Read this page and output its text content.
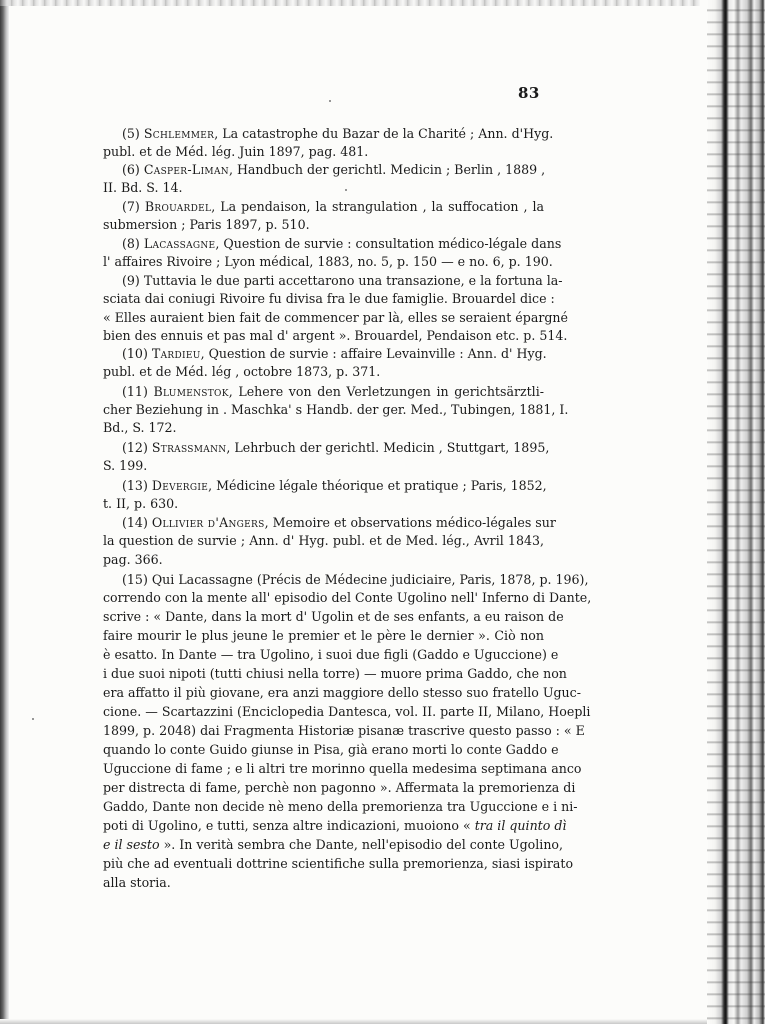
83
(5) Schlemmer, La catastrophe du Bazar de la Charité ; Ann. d'Hyg.
publ. et de Méd. lég. Juin 1897, pag. 481.
(6) Casper-Liman, Handbuch der gerichtl. Medicin ; Berlin , 1889 ,
II. Bd. S. 14.
(7) Brouardel, La pendaison, la strangulation , la suffocation , la
submersion ; Paris 1897, p. 510.
(8) Lacassagne, Question de survie : consultation médico-légale dans
l' affaires Rivoire ; Lyon médical, 1883, no. 5, p. 150 — e no. 6, p. 190.
(9) Tuttavia le due parti accettarono una transazione, e la fortuna la-
sciata dai coniugi Rivoire fu divisa fra le due famiglie. Brouardel dice :
« Elles auraient bien fait de commencer par là, elles se seraient épargné
bien des ennuis et pas mal d' argent ». Brouardel, Pendaison etc. p. 514.
(10) Tardieu, Question de survie : affaire Levainville : Ann. d' Hyg.
publ. et de Méd. lég , octobre 1873, p. 371.
(11) Blumenstok, Lehere von den Verletzungen in gerichtsärztli-
cher Beziehung in . Maschka' s Handb. der ger. Med., Tubingen, 1881, I.
Bd., S. 172.
(12) Strassmann, Lehrbuch der gerichtl. Medicin , Stuttgart, 1895,
S. 199.
(13) Devergie, Médicine légale théorique et pratique ; Paris, 1852,
t. II, p. 630.
(14) Ollivier d'Angers, Memoire et observations médico-légales sur
la question de survie ; Ann. d' Hyg. publ. et de Med. lég., Avril 1843,
pag. 366.
(15) Qui Lacassagne (Précis de Médecine judiciaire, Paris, 1878, p. 196),
correndo con la mente all' episodio del Conte Ugolino nell' Inferno di Dante,
scrive : « Dante, dans la mort d' Ugolin et de ses enfants, a eu raison de
faire mourir le plus jeune le premier et le père le dernier ». Ciò non
è esatto. In Dante — tra Ugolino, i suoi due figli (Gaddo e Uguccione) e
i due suoi nipoti (tutti chiusi nella torre) — muore prima Gaddo, che non
era affatto il più giovane, era anzi maggiore dello stesso suo fratello Uguc-
cione. — Scartazzini (Enciclopedia Dantesca, vol. II. parte II, Milano, Hoepli
1899, p. 2048) dai Fragmenta Historiæ pisanæ trascrive questo passo : « E
quando lo conte Guido giunse in Pisa, già erano morti lo conte Gaddo e
Uguccione di fame ; e li altri tre morinno quella medesima septimana anco
per distrecta di fame, perchè non pagonno ». Affermata la premorienza di
Gaddo, Dante non decide nè meno della premorienza tra Uguccione e i ni-
poti di Ugolino, e tutti, senza altre indicazioni, muoiono « tra il quinto dì
e il sesto ». In verità sembra che Dante, nell'episodio del conte Ugolino,
più che ad eventuali dottrine scientifiche sulla premorienza, siasi ispirato
alla storia.
